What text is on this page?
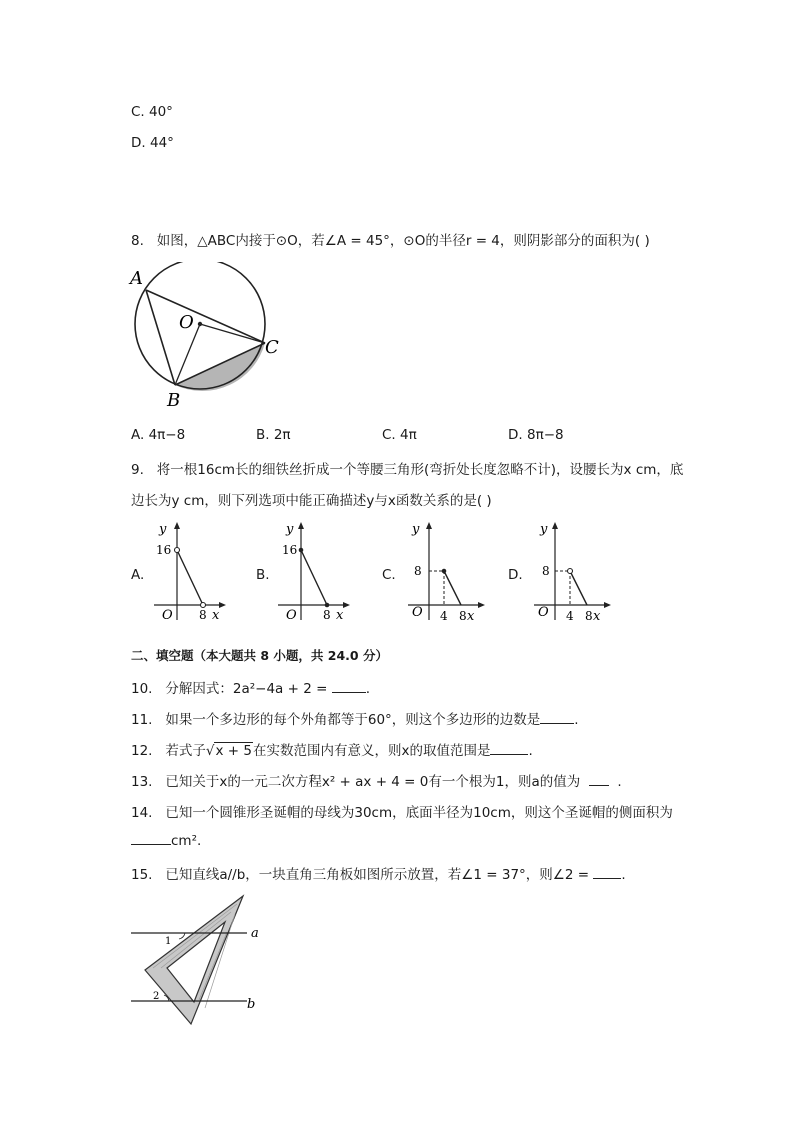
C. 40°
D. 44°
8. 如图，△ABC内接于⊙O，若∠A = 45°，⊙O的半径r = 4，则阴影部分的面积为( )
A
B
C
O
A. 4π−8	B. 2π	C. 4π	D. 8π−8
9. 将一根16cm长的细铁丝折成一个等腰三角形(弯折处长度忽略不计)，设腰长为x cm，底
边长为y cm，则下列选项中能正确描述y与x函数关系的是( )
A.
y
16
O 8 x
B.
y
16
O 8 x
C.
y
8
O 4 8 x
D.
y
8
O 4 8 x
二、填空题（本大题共 8 小题，共 24.0 分）
10. 分解因式：2a²−4a + 2 =	.
11. 如果一个多边形的每个外角都等于60°，则这个多边形的边数是	.
12. 若式子√x + 5在实数范围内有意义，则x的取值范围是	.
13. 已知关于x的一元二次方程x² + ax + 4 = 0有一个根为1，则a的值为	.
14. 已知一个圆锥形圣诞帽的母线为30cm，底面半径为10cm，则这个圣诞帽的侧面积为
cm².
15. 已知直线a//b，一块直角三角板如图所示放置，若∠1 = 37°，则∠2 = .
a
b
1
2
